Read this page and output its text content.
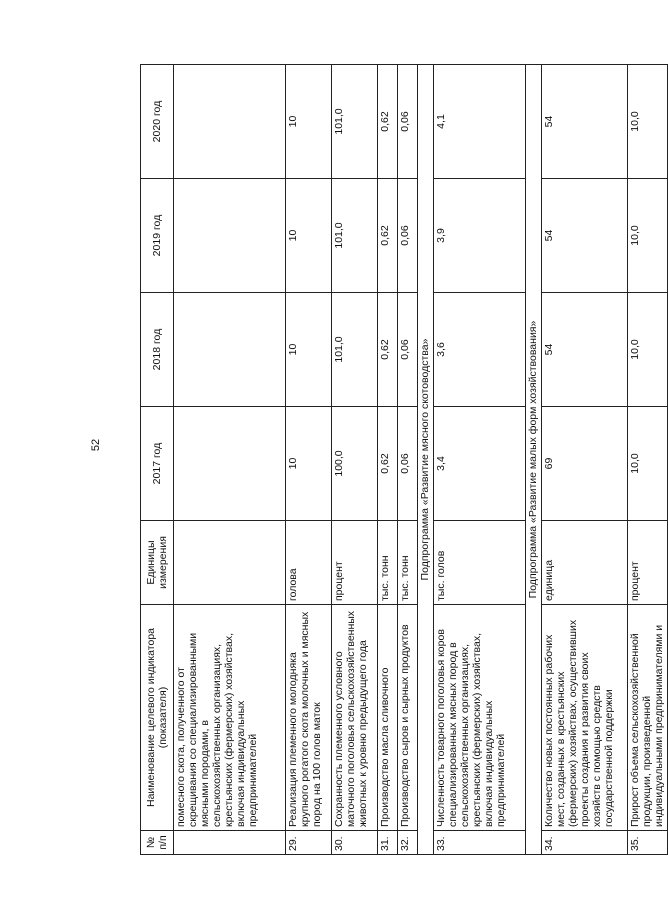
52
№ п/п	Наименование целевого индикатора (показателя)	Единицы измерения	2017 год	2018 год	2019 год	2020 год
	помесного скота, полученного от скрещивания со специализированными мясными породами, в сельскохозяйственных организациях, крестьянских (фермерских) хозяйствах, включая индивидуальных предпринимателей					
29.	Реализация племенного молодняка крупного рогатого скота молочных и мясных пород на 100 голов маток	голова	10	10	10	10
30.	Сохранность племенного условного маточного поголовья сельскохозяйственных животных к уровню предыдущего года	процент	100,0	101,0	101,0	101,0
31.	Производство масла сливочного	тыс. тонн	0,62	0,62	0,62	0,62
32.	Производство сыров и сырных продуктов	тыс. тонн	0,06	0,06	0,06	0,06
Подпрограмма «Развитие мясного скотоводства»						
33.	Численность товарного поголовья коров специализированных мясных пород в сельскохозяйственных организациях, крестьянских (фермерских) хозяйствах, включая индивидуальных предпринимателей	тыс. голов	3,4	3,6	3,9	4,1
Подпрограмма «Развитие малых форм хозяйствования»						
34.	Количество новых постоянных рабочих мест, созданных в крестьянских (фермерских) хозяйствах, осуществивших проекты создания и развития своих хозяйств с помощью средств государственной поддержки	единица	69	54	54	54
35.	Прирост объема сельскохозяйственной продукции, произведенной индивидуальными предпринимателями и	процент	10,0	10,0	10,0	10,0
